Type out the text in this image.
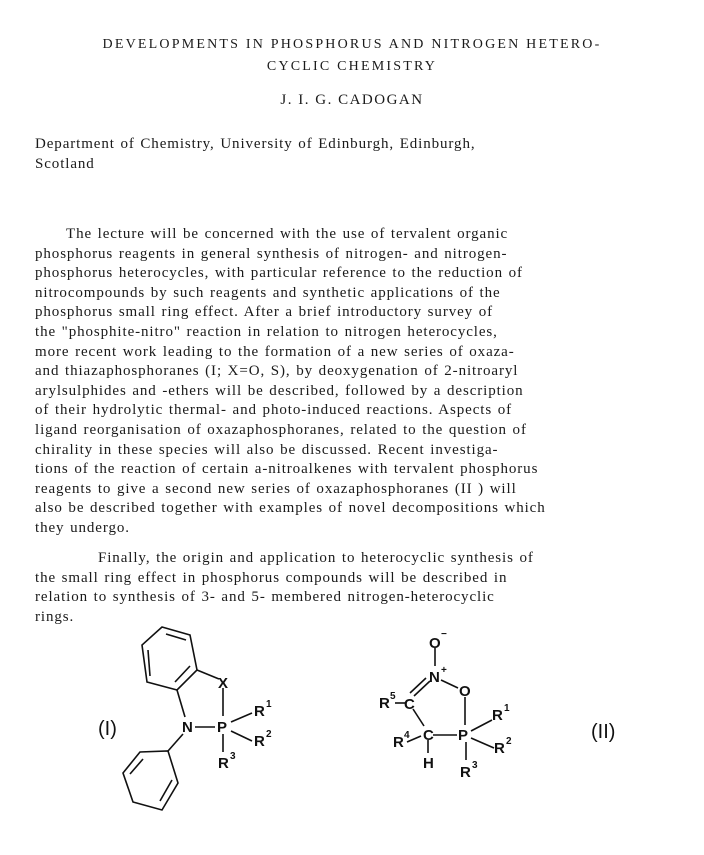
DEVELOPMENTS IN PHOSPHORUS AND NITROGEN HETERO-
CYCLIC CHEMISTRY
J. I. G. CADOGAN
Department of Chemistry, University of Edinburgh, Edinburgh,
Scotland
The lecture will be concerned with the use of tervalent organic
phosphorus reagents in general synthesis of nitrogen- and nitrogen-
phosphorus heterocycles, with particular reference to the reduction of
nitrocompounds by such reagents and synthetic applications of the
phosphorus small ring effect. After a brief introductory survey of
the "phosphite-nitro" reaction in relation to nitrogen heterocycles,
more recent work leading to the formation of a new series of oxaza-
and thiazaphosphoranes (I; X=O, S), by deoxygenation of 2-nitroaryl
arylsulphides and -ethers will be described, followed by a description
of their hydrolytic thermal- and photo-induced reactions. Aspects of
ligand reorganisation of oxazaphosphoranes, related to the question of
chirality in these species will also be discussed. Recent investiga-
tions of the reaction of certain a-nitroalkenes with tervalent phosphorus
reagents to give a second new series of oxazaphosphoranes (II ) will
also be described together with examples of novel decompositions which
they undergo.
Finally, the origin and application to heterocyclic synthesis of
the small ring effect in phosphorus compounds will be described in
relation to synthesis of 3- and 5- membered nitrogen-heterocyclic
rings.
(I)
X
N P
R 1
R 2
R 3
O
−
N +
O
C
C
H
P
R 5
R 4
R 1
R 2
R 3
(II)
